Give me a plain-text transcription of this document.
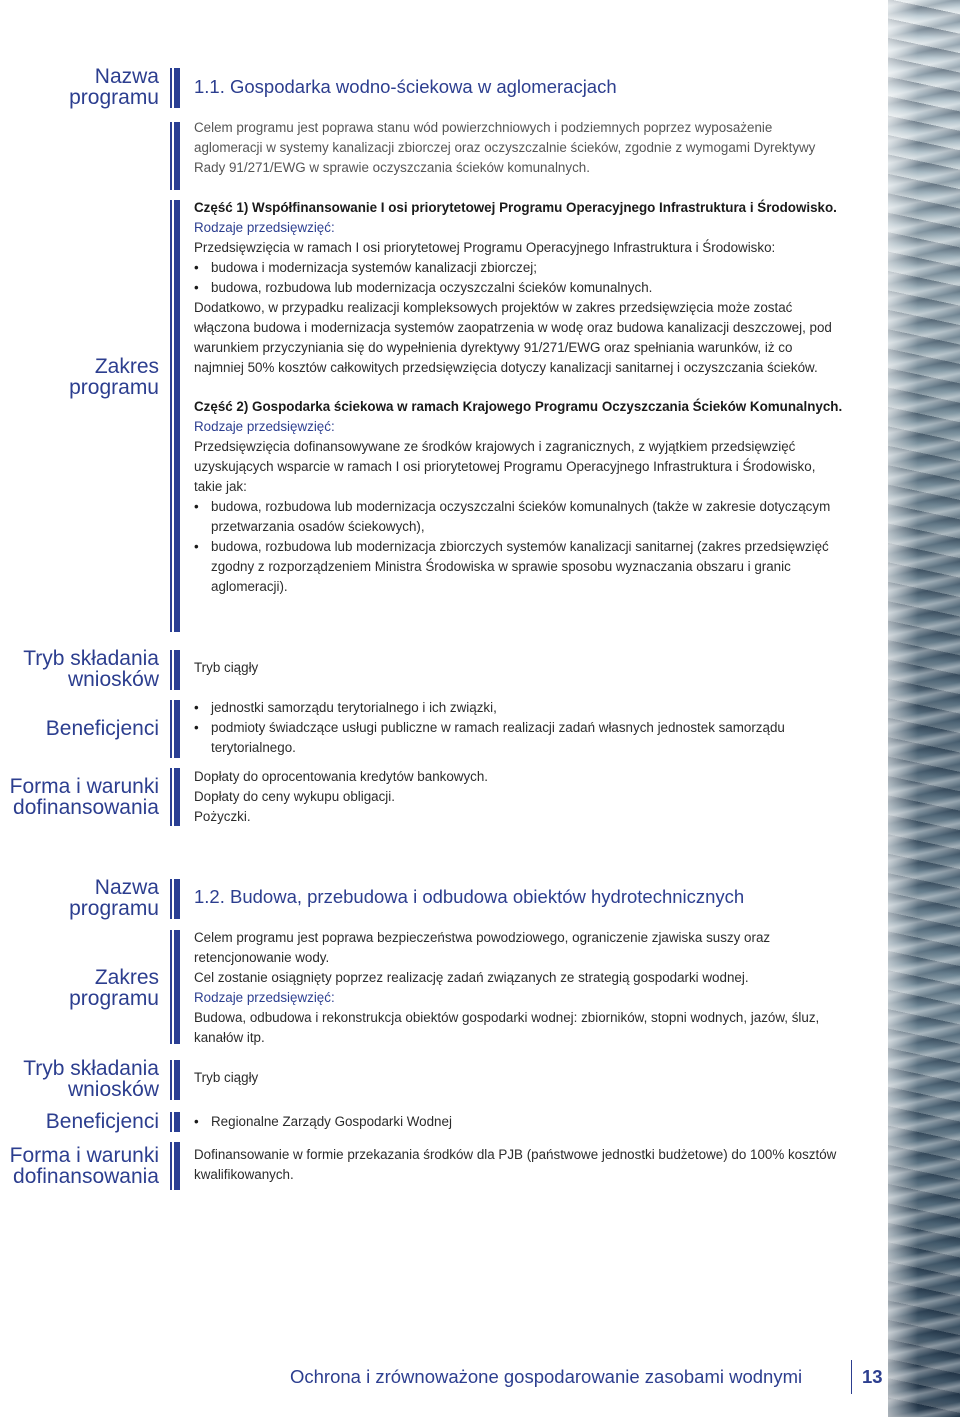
Nazwa programu
Zakres programu
Tryb składania wniosków
Beneficjenci
Forma i warunki dofinansowania
1.1. Gospodarka wodno-ściekowa w aglomeracjach
Celem programu jest poprawa stanu wód powierzchniowych i podziemnych poprzez wyposażenie aglomeracji w systemy kanalizacji zbiorczej oraz oczyszczalnie ścieków, zgodnie z wymogami Dyrektywy Rady 91/271/EWG w sprawie oczyszczania ścieków komunalnych.
Część 1) Współfinansowanie I osi priorytetowej Programu Operacyjnego Infrastruktura i Środowisko.
Rodzaje przedsięwzięć:
Przedsięwzięcia w ramach I osi priorytetowej Programu Operacyjnego Infrastruktura i Środowisko:
• budowa i modernizacja systemów kanalizacji zbiorczej;
• budowa, rozbudowa lub modernizacja oczyszczalni ścieków komunalnych.
Dodatkowo, w przypadku realizacji kompleksowych projektów w zakres przedsięwzięcia może zostać włączona budowa i modernizacja systemów zaopatrzenia w wodę oraz budowa kanalizacji deszczowej, pod warunkiem przyczyniania się do wypełnienia dyrektywy 91/271/EWG oraz spełniania warunków, iż co najmniej 50% kosztów całkowitych przedsięwzięcia dotyczy kanalizacji sanitarnej i oczyszczania ścieków.
Część 2) Gospodarka ściekowa w ramach Krajowego Programu Oczyszczania Ścieków Komunalnych.
Rodzaje przedsięwzięć:
Przedsięwzięcia dofinansowywane ze środków krajowych i zagranicznych, z wyjątkiem przedsięwzięć uzyskujących wsparcie w ramach I osi priorytetowej Programu Operacyjnego Infrastruktura i Środowisko, takie jak:
• budowa, rozbudowa lub modernizacja oczyszczalni ścieków komunalnych (także w zakresie dotyczącym przetwarzania osadów ściekowych),
• budowa, rozbudowa lub modernizacja zbiorczych systemów kanalizacji sanitarnej (zakres przedsięwzięć zgodny z rozporządzeniem Ministra Środowiska w sprawie sposobu wyznaczania obszaru i granic aglomeracji).
Tryb ciągły
• jednostki samorządu terytorialnego i ich związki,
• podmioty świadczące usługi publiczne w ramach realizacji zadań własnych jednostek samorządu terytorialnego.
Dopłaty do oprocentowania kredytów bankowych.
Dopłaty do ceny wykupu obligacji.
Pożyczki.
Nazwa programu
Zakres programu
Tryb składania wniosków
Beneficjenci
Forma i warunki dofinansowania
1.2. Budowa, przebudowa i odbudowa obiektów hydrotechnicznych
Celem programu jest poprawa bezpieczeństwa powodziowego, ograniczenie zjawiska suszy oraz retencjonowanie wody.
Cel zostanie osiągnięty poprzez realizację zadań związanych ze strategią gospodarki wodnej.
Rodzaje przedsięwzięć:
Budowa, odbudowa i rekonstrukcja obiektów gospodarki wodnej: zbiorników, stopni wodnych, jazów, śluz, kanałów itp.
Tryb ciągły
• Regionalne Zarządy Gospodarki Wodnej
Dofinansowanie w formie przekazania środków dla PJB (państwowe jednostki budżetowe) do 100% kosztów kwalifikowanych.
Ochrona i zrównoważone gospodarowanie zasobami wodnymi	13
